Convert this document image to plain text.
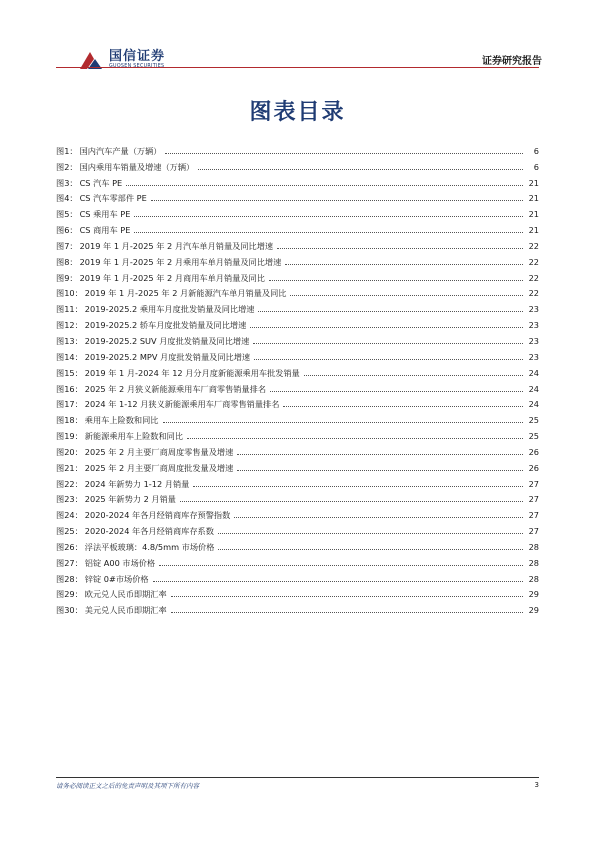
国信证券
GUOSEN SECURITIES	证券研究报告
图表目录
图1： 国内汽车产量（万辆）	6
图2： 国内乘用车销量及增速（万辆）	6
图3： CS 汽车 PE	21
图4： CS 汽车零部件 PE	21
图5： CS 乘用车 PE	21
图6： CS 商用车 PE	21
图7： 2019 年 1 月-2025 年 2 月汽车单月销量及同比增速	22
图8： 2019 年 1 月-2025 年 2 月乘用车单月销量及同比增速	22
图9： 2019 年 1 月-2025 年 2 月商用车单月销量及同比	22
图10： 2019 年 1 月-2025 年 2 月新能源汽车单月销量及同比	22
图11： 2019-2025.2 乘用车月度批发销量及同比增速	23
图12： 2019-2025.2 轿车月度批发销量及同比增速	23
图13： 2019-2025.2 SUV 月度批发销量及同比增速	23
图14： 2019-2025.2 MPV 月度批发销量及同比增速	23
图15： 2019 年 1 月-2024 年 12 月分月度新能源乘用车批发销量	24
图16： 2025 年 2 月狭义新能源乘用车厂商零售销量排名	24
图17： 2024 年 1-12 月狭义新能源乘用车厂商零售销量排名	24
图18： 乘用车上险数和同比	25
图19： 新能源乘用车上险数和同比	25
图20： 2025 年 2 月主要厂商周度零售量及增速	26
图21： 2025 年 2 月主要厂商周度批发量及增速	26
图22： 2024 年新势力 1-12 月销量	27
图23： 2025 年新势力 2 月销量	27
图24： 2020-2024 年各月经销商库存预警指数	27
图25： 2020-2024 年各月经销商库存系数	27
图26： 浮法平板玻璃：4.8/5mm 市场价格	28
图27： 铝锭 A00 市场价格	28
图28： 锌锭 0#市场价格	28
图29： 欧元兑人民币即期汇率	29
图30： 美元兑人民币即期汇率	29
请务必阅读正文之后的免责声明及其项下所有内容	3
